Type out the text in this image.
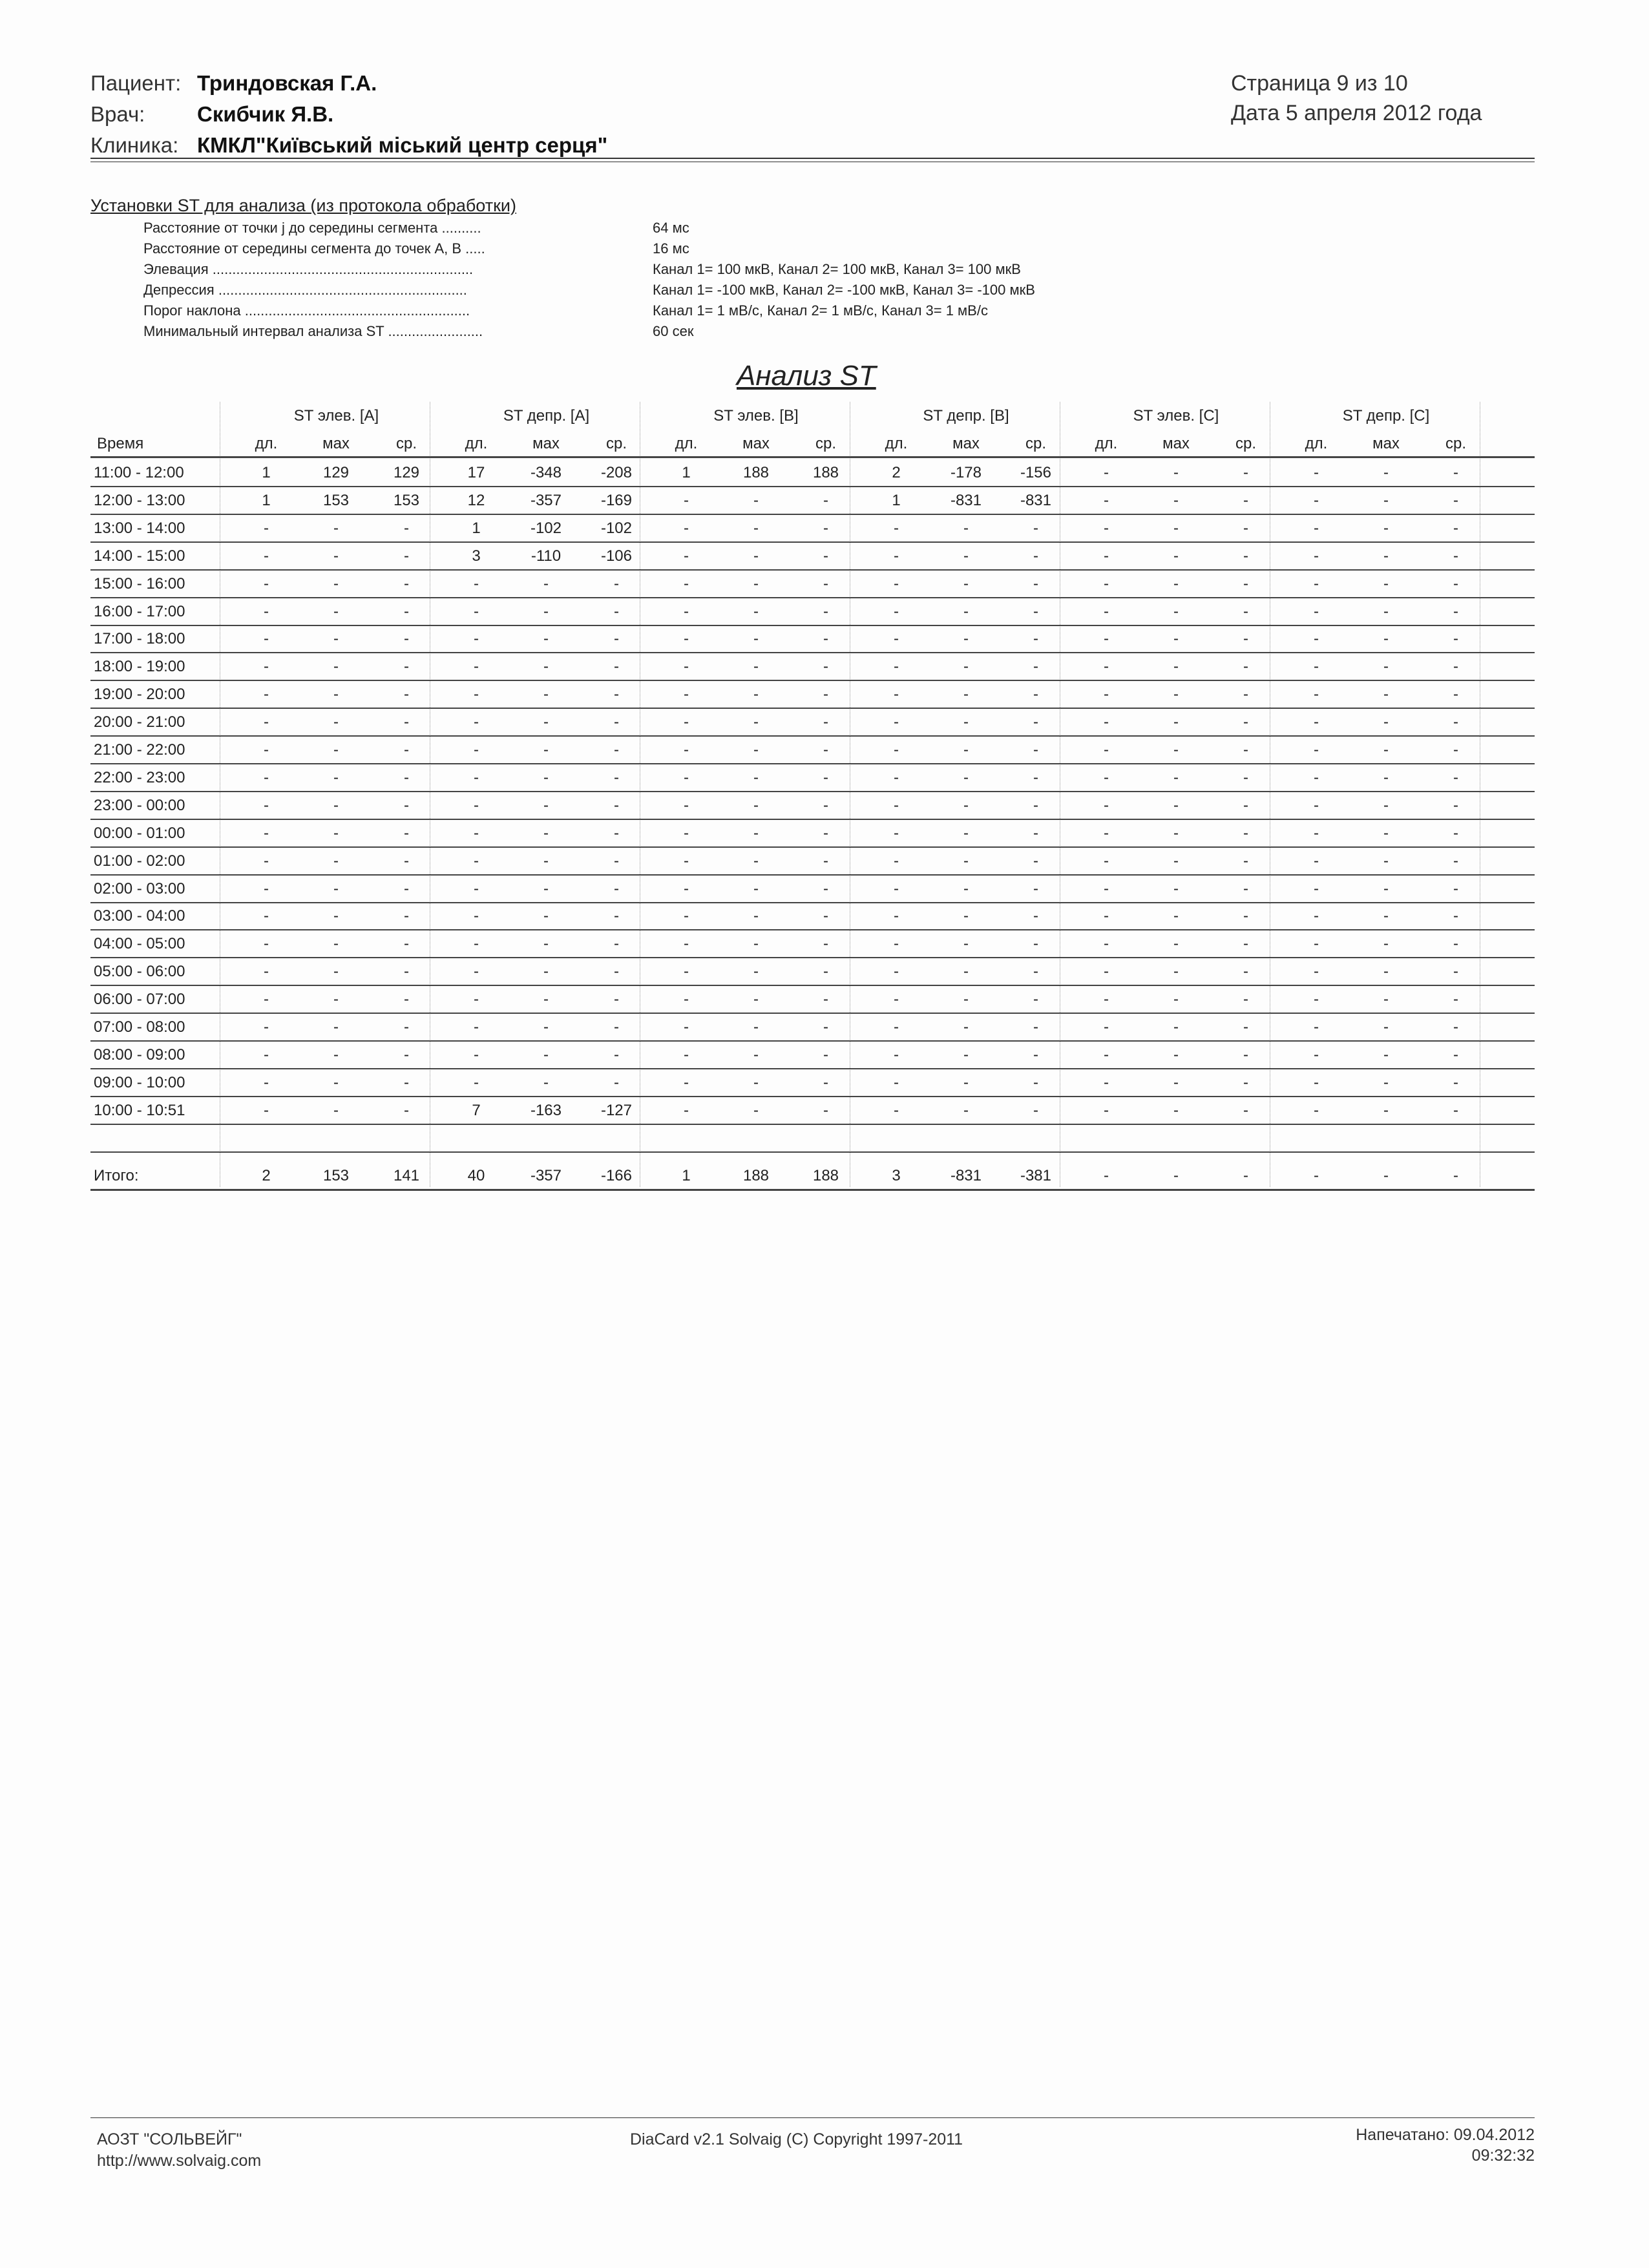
Пациент: Триндовская Г.А.
Врач: Скибчик Я.В.
Клиника: КМКЛ"Київський міський центр серця"
Страница 9 из 10
Дата 5 апреля 2012 года
Установки ST для анализа (из протокола обработки)
Расстояние от точки j до середины сегмента ..........	64 мс
Расстояние от середины сегмента до точек А, В .....	16 мс
Элевация ..................................................................	Канал 1= 100 мкВ, Канал 2= 100 мкВ, Канал 3= 100 мкВ
Депрессия ...............................................................	Канал 1= -100 мкВ, Канал 2= -100 мкВ, Канал 3= -100 мкВ
Порог наклона .........................................................	Канал 1= 1 мВ/с, Канал 2= 1 мВ/с, Канал 3= 1 мВ/с
Минимальный интервал анализа ST ........................	60 сек
Анализ ST
ST элев. [A]	ST депр. [A]	ST элев. [B]	ST депр. [B]	ST элев. [C]	ST депр. [C]
Время	дл.	мах	ср.	дл.	мах	ср.	дл.	мах	ср.	дл.	мах	ср.	дл.	мах	ср.	дл.	мах	ср.
11:00 - 12:00	1	129	129	17	-348	-208	1	188	188	2	-178	-156	-	-	-	-	-	-
12:00 - 13:00	1	153	153	12	-357	-169	-	-	-	1	-831	-831	-	-	-	-	-	-
13:00 - 14:00	-	-	-	1	-102	-102	-	-	-	-	-	-	-	-	-	-	-	-
14:00 - 15:00	-	-	-	3	-110	-106	-	-	-	-	-	-	-	-	-	-	-	-
15:00 - 16:00	-	-	-	-	-	-	-	-	-	-	-	-	-	-	-	-	-	-
16:00 - 17:00	-	-	-	-	-	-	-	-	-	-	-	-	-	-	-	-	-	-
17:00 - 18:00	-	-	-	-	-	-	-	-	-	-	-	-	-	-	-	-	-	-
18:00 - 19:00	-	-	-	-	-	-	-	-	-	-	-	-	-	-	-	-	-	-
19:00 - 20:00	-	-	-	-	-	-	-	-	-	-	-	-	-	-	-	-	-	-
20:00 - 21:00	-	-	-	-	-	-	-	-	-	-	-	-	-	-	-	-	-	-
21:00 - 22:00	-	-	-	-	-	-	-	-	-	-	-	-	-	-	-	-	-	-
22:00 - 23:00	-	-	-	-	-	-	-	-	-	-	-	-	-	-	-	-	-	-
23:00 - 00:00	-	-	-	-	-	-	-	-	-	-	-	-	-	-	-	-	-	-
00:00 - 01:00	-	-	-	-	-	-	-	-	-	-	-	-	-	-	-	-	-	-
01:00 - 02:00	-	-	-	-	-	-	-	-	-	-	-	-	-	-	-	-	-	-
02:00 - 03:00	-	-	-	-	-	-	-	-	-	-	-	-	-	-	-	-	-	-
03:00 - 04:00	-	-	-	-	-	-	-	-	-	-	-	-	-	-	-	-	-	-
04:00 - 05:00	-	-	-	-	-	-	-	-	-	-	-	-	-	-	-	-	-	-
05:00 - 06:00	-	-	-	-	-	-	-	-	-	-	-	-	-	-	-	-	-	-
06:00 - 07:00	-	-	-	-	-	-	-	-	-	-	-	-	-	-	-	-	-	-
07:00 - 08:00	-	-	-	-	-	-	-	-	-	-	-	-	-	-	-	-	-	-
08:00 - 09:00	-	-	-	-	-	-	-	-	-	-	-	-	-	-	-	-	-	-
09:00 - 10:00	-	-	-	-	-	-	-	-	-	-	-	-	-	-	-	-	-	-
10:00 - 10:51	-	-	-	7	-163	-127	-	-	-	-	-	-	-	-	-	-	-	-
Итого:	2	153	141	40	-357	-166	1	188	188	3	-831	-381	-	-	-	-	-	-
АОЗТ "СОЛЬВЕЙГ"
http://www.solvaig.com
DiaCard v2.1 Solvaig (C) Copyright 1997-2011	Напечатано: 09.04.2012
09:32:32
